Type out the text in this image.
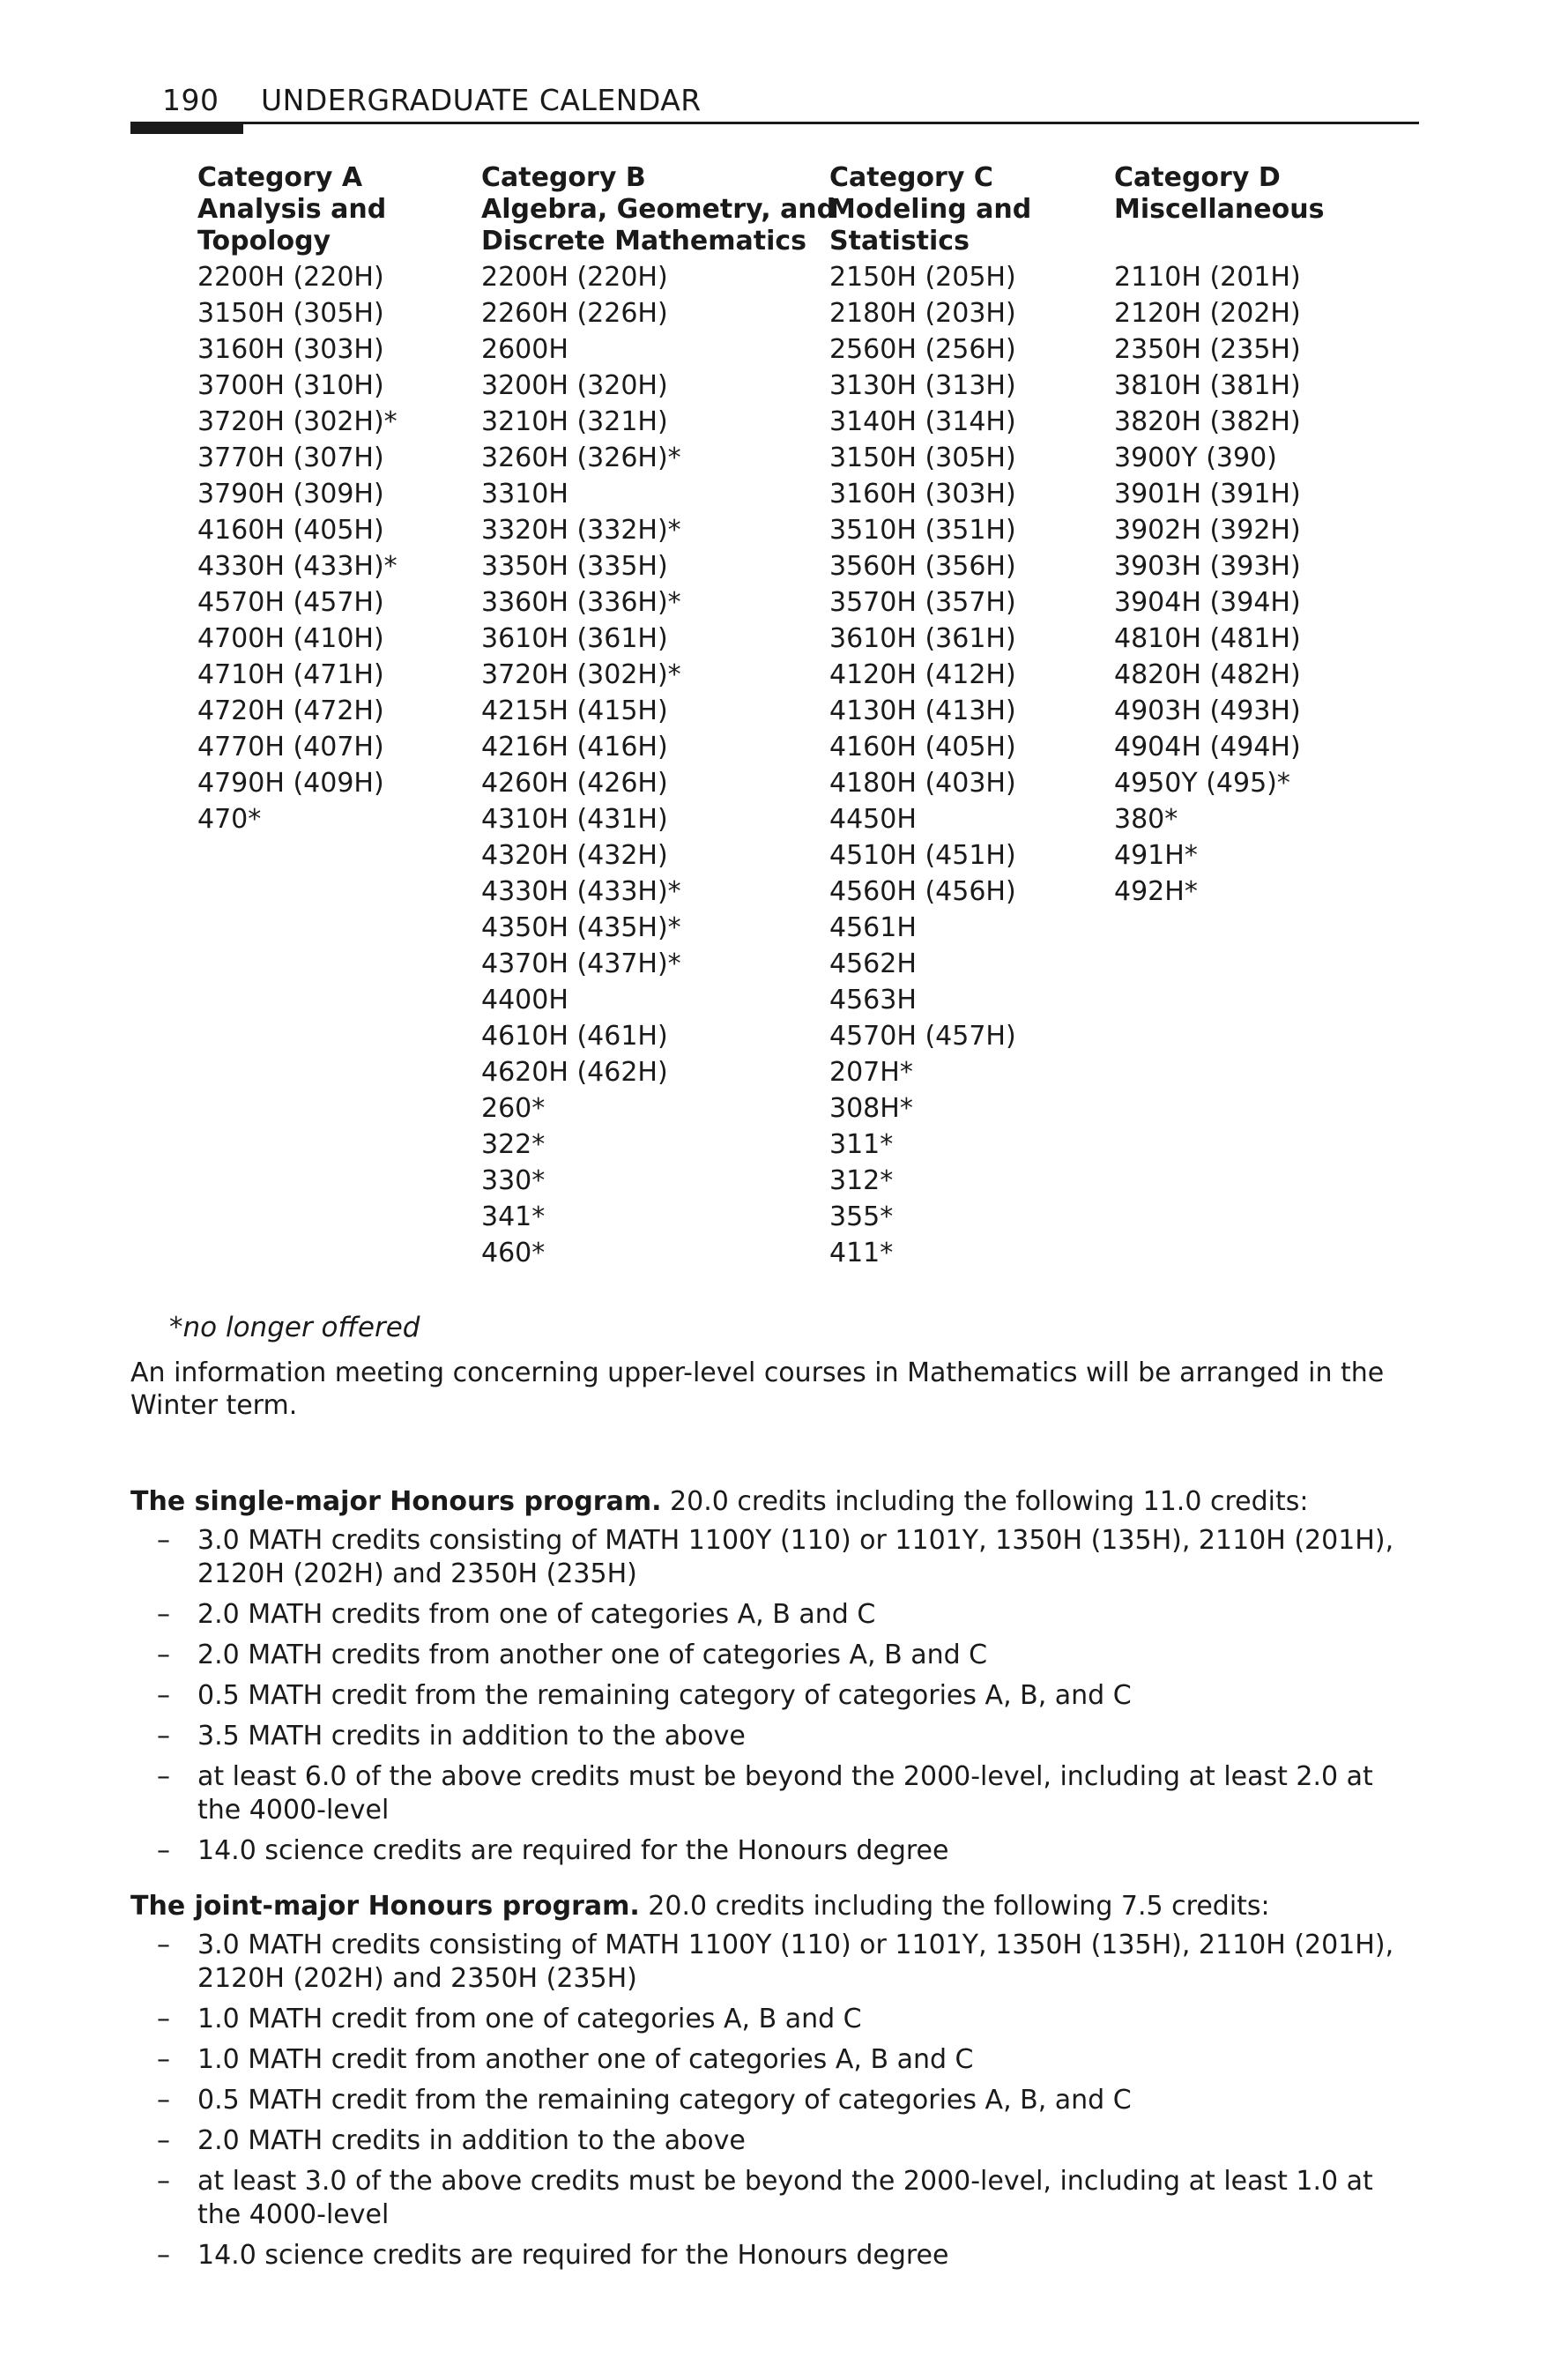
190 UNDERGRADUATE CALENDAR
Category A
Analysis and
Topology
2200H (220H)
3150H (305H)
3160H (303H)
3700H (310H)
3720H (302H)*
3770H (307H)
3790H (309H)
4160H (405H)
4330H (433H)*
4570H (457H)
4700H (410H)
4710H (471H)
4720H (472H)
4770H (407H)
4790H (409H)
470*
Category B
Algebra, Geometry, and
Discrete Mathematics
2200H (220H)
2260H (226H)
2600H
3200H (320H)
3210H (321H)
3260H (326H)*
3310H
3320H (332H)*
3350H (335H)
3360H (336H)*
3610H (361H)
3720H (302H)*
4215H (415H)
4216H (416H)
4260H (426H)
4310H (431H)
4320H (432H)
4330H (433H)*
4350H (435H)*
4370H (437H)*
4400H
4610H (461H)
4620H (462H)
260*
322*
330*
341*
460*
Category C
Modeling and
Statistics
2150H (205H)
2180H (203H)
2560H (256H)
3130H (313H)
3140H (314H)
3150H (305H)
3160H (303H)
3510H (351H)
3560H (356H)
3570H (357H)
3610H (361H)
4120H (412H)
4130H (413H)
4160H (405H)
4180H (403H)
4450H
4510H (451H)
4560H (456H)
4561H
4562H
4563H
4570H (457H)
207H*
308H*
311*
312*
355*
411*
Category D
Miscellaneous
2110H (201H)
2120H (202H)
2350H (235H)
3810H (381H)
3820H (382H)
3900Y (390)
3901H (391H)
3902H (392H)
3903H (393H)
3904H (394H)
4810H (481H)
4820H (482H)
4903H (493H)
4904H (494H)
4950Y (495)*
380*
491H*
492H*
*no longer offered
An information meeting concerning upper-level courses in Mathematics will be arranged in the Winter term.
The single-major Honours program. 20.0 credits including the following 11.0 credits:
– 3.0 MATH credits consisting of MATH 1100Y (110) or 1101Y, 1350H (135H), 2110H (201H), 2120H (202H) and 2350H (235H)
– 2.0 MATH credits from one of categories A, B and C
– 2.0 MATH credits from another one of categories A, B and C
– 0.5 MATH credit from the remaining category of categories A, B, and C
– 3.5 MATH credits in addition to the above
– at least 6.0 of the above credits must be beyond the 2000-level, including at least 2.0 at the 4000-level
– 14.0 science credits are required for the Honours degree
The joint-major Honours program. 20.0 credits including the following 7.5 credits:
– 3.0 MATH credits consisting of MATH 1100Y (110) or 1101Y, 1350H (135H), 2110H (201H), 2120H (202H) and 2350H (235H)
– 1.0 MATH credit from one of categories A, B and C
– 1.0 MATH credit from another one of categories A, B and C
– 0.5 MATH credit from the remaining category of categories A, B, and C
– 2.0 MATH credits in addition to the above
– at least 3.0 of the above credits must be beyond the 2000-level, including at least 1.0 at the 4000-level
– 14.0 science credits are required for the Honours degree
